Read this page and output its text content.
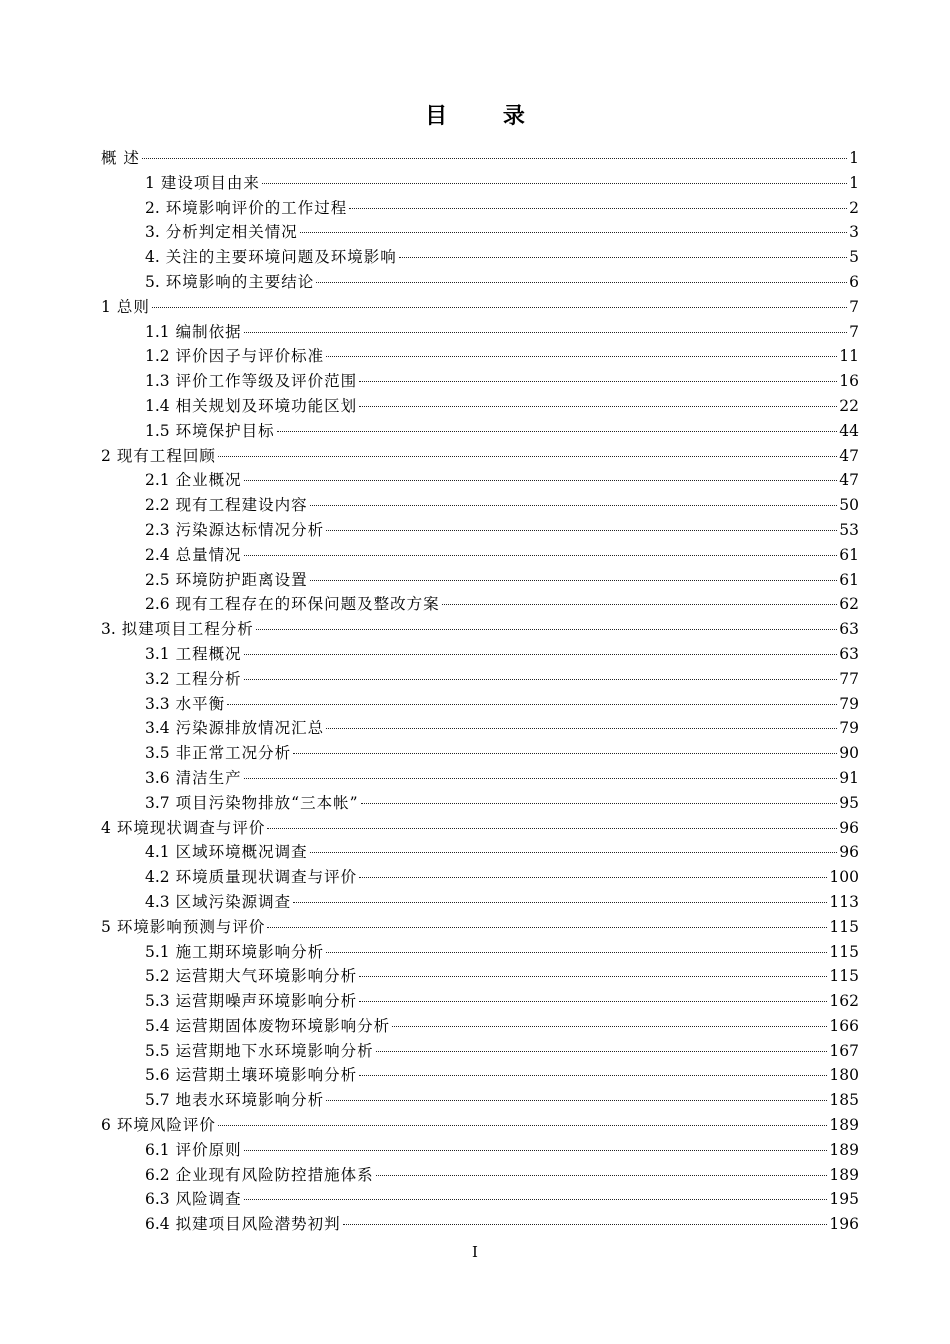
目 录
概 述	1
1 建设项目由来	1
2. 环境影响评价的工作过程	2
3. 分析判定相关情况	3
4. 关注的主要环境问题及环境影响	5
5. 环境影响的主要结论	6
1 总则	7
1.1 编制依据	7
1.2 评价因子与评价标准	11
1.3 评价工作等级及评价范围	16
1.4 相关规划及环境功能区划	22
1.5 环境保护目标	44
2 现有工程回顾	47
2.1 企业概况	47
2.2 现有工程建设内容	50
2.3 污染源达标情况分析	53
2.4 总量情况	61
2.5 环境防护距离设置	61
2.6 现有工程存在的环保问题及整改方案	62
3. 拟建项目工程分析	63
3.1 工程概况	63
3.2 工程分析	77
3.3 水平衡	79
3.4 污染源排放情况汇总	79
3.5 非正常工况分析	90
3.6 清洁生产	91
3.7 项目污染物排放“三本帐”	95
4 环境现状调查与评价	96
4.1 区域环境概况调查	96
4.2 环境质量现状调查与评价	100
4.3 区域污染源调查	113
5 环境影响预测与评价	115
5.1 施工期环境影响分析	115
5.2 运营期大气环境影响分析	115
5.3 运营期噪声环境影响分析	162
5.4 运营期固体废物环境影响分析	166
5.5 运营期地下水环境影响分析	167
5.6 运营期土壤环境影响分析	180
5.7 地表水环境影响分析	185
6 环境风险评价	189
6.1 评价原则	189
6.2 企业现有风险防控措施体系	189
6.3 风险调查	195
6.4 拟建项目风险潜势初判	196
I
